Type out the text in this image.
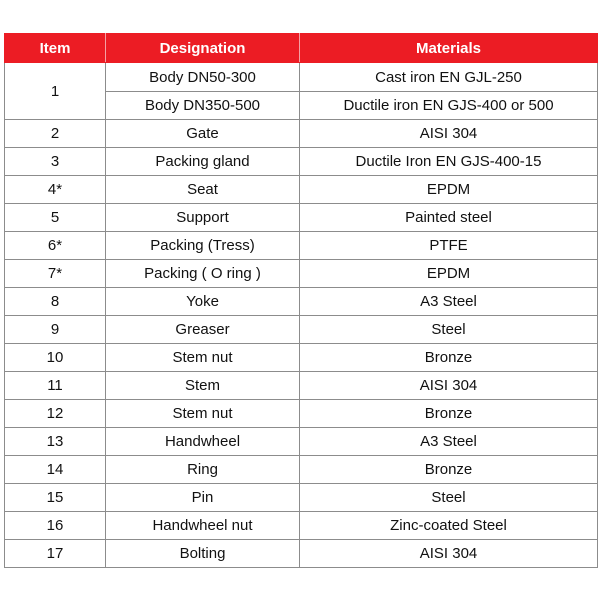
Item	Designation	Materials
1	Body DN50-300	Cast iron EN GJL-250
	Body DN350-500	Ductile iron EN GJS-400 or 500
2	Gate	AISI 304
3	Packing gland	Ductile Iron EN GJS-400-15
4*	Seat	EPDM
5	Support	Painted steel
6*	Packing (Tress)	PTFE
7*	Packing ( O ring )	EPDM
8	Yoke	A3 Steel
9	Greaser	Steel
10	Stem nut	Bronze
11	Stem	AISI 304
12	Stem nut	Bronze
13	Handwheel	A3 Steel
14	Ring	Bronze
15	Pin	Steel
16	Handwheel nut	Zinc-coated Steel
17	Bolting	AISI 304
